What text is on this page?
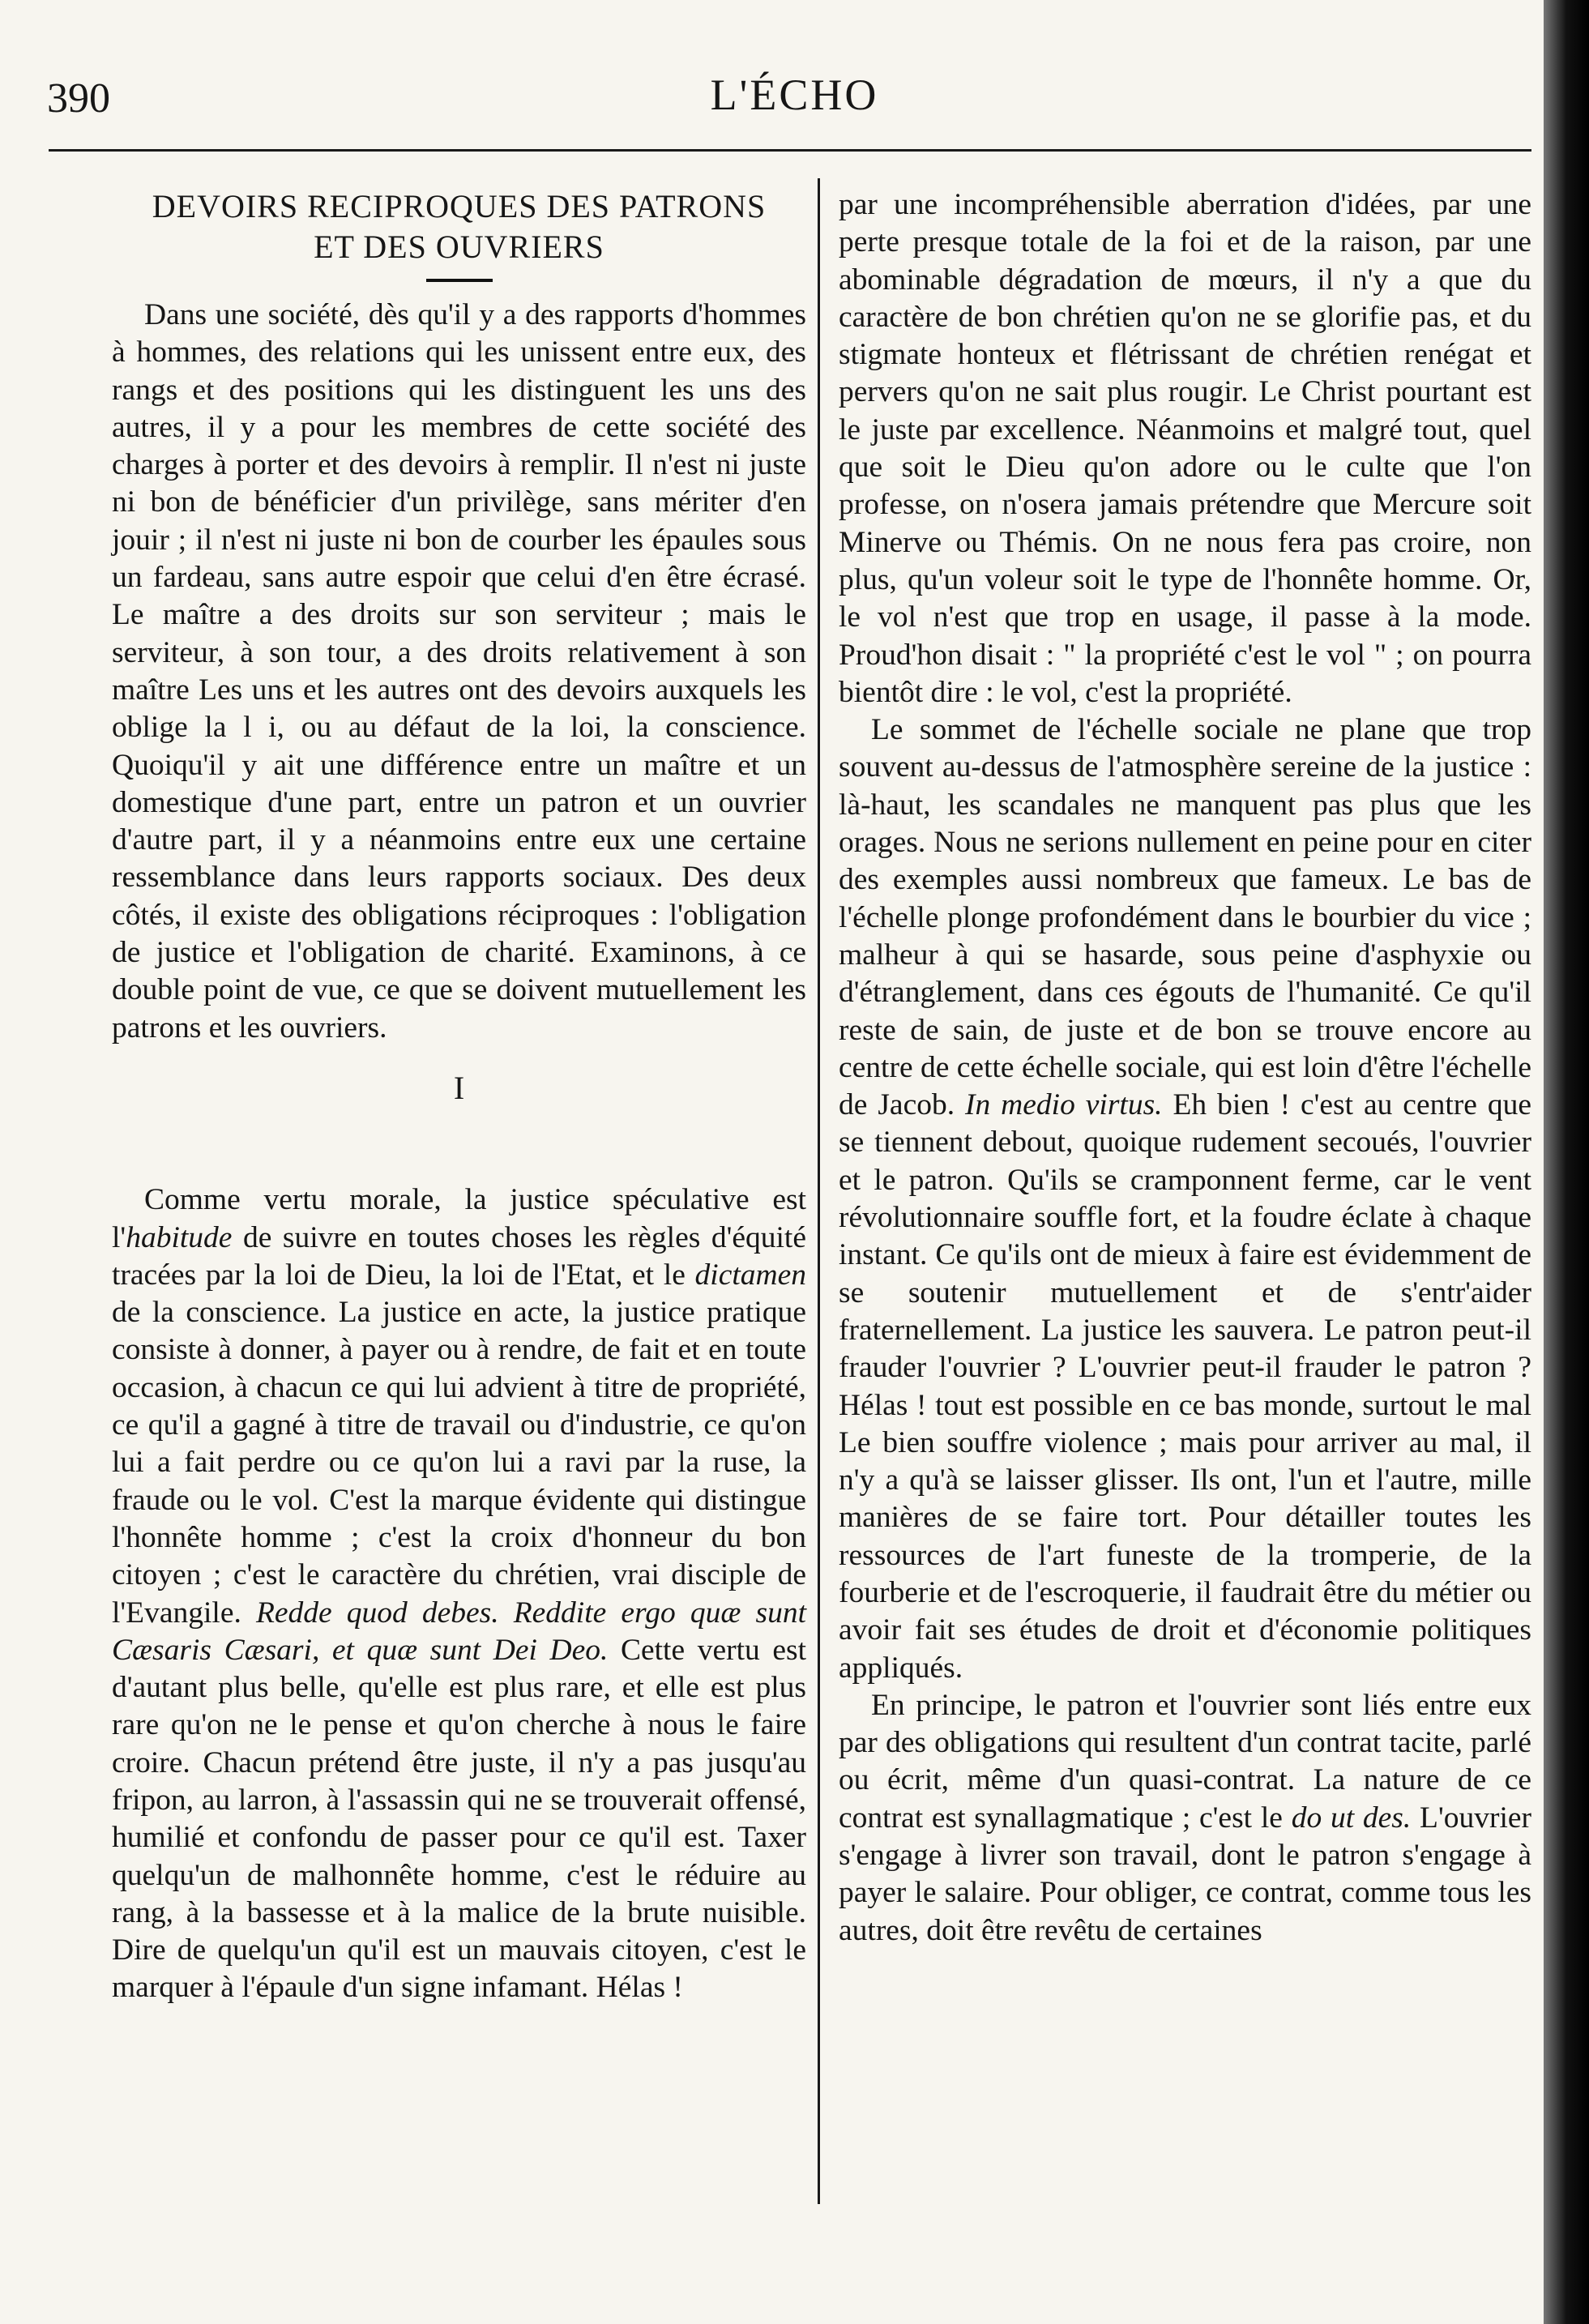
390	L'ÉCHO
DEVOIRS RECIPROQUES DES PATRONS
ET DES OUVRIERS

Dans une société, dès qu'il y a des rapports d'hommes à hommes, des relations qui les unissent entre eux, des rangs et des positions qui les distinguent les uns des autres, il y a pour les membres de cette société des charges à porter et des devoirs à remplir. Il n'est ni juste ni bon de bénéficier d'un privilège, sans mériter d'en jouir ; il n'est ni juste ni bon de courber les épaules sous un fardeau, sans autre espoir que celui d'en être écrasé. Le maître a des droits sur son serviteur ; mais le serviteur, à son tour, a des droits relativement à son maître Les uns et les autres ont des devoirs auxquels les oblige la l i, ou au défaut de la loi, la conscience. Quoiqu'il y ait une différence entre un maître et un domestique d'une part, entre un patron et un ouvrier d'autre part, il y a néanmoins entre eux une certaine ressemblance dans leurs rapports sociaux. Des deux côtés, il existe des obligations réciproques : l'obligation de justice et l'obligation de charité. Examinons, à ce double point de vue, ce que se doivent mutuellement les patrons et les ouvriers.

I

Comme vertu morale, la justice spéculative est l'habitude de suivre en toutes choses les règles d'équité tracées par la loi de Dieu, la loi de l'Etat, et le dictamen de la conscience. La justice en acte, la justice pratique consiste à donner, à payer ou à rendre, de fait et en toute occasion, à chacun ce qui lui advient à titre de propriété, ce qu'il a gagné à titre de travail ou d'industrie, ce qu'on lui a fait perdre ou ce qu'on lui a ravi par la ruse, la fraude ou le vol. C'est la marque évidente qui distingue l'honnête homme ; c'est la croix d'honneur du bon citoyen ; c'est le caractère du chrétien, vrai disciple de l'Evangile. Redde quod debes. Reddite ergo quæ sunt Cæsaris Cæsari, et quæ sunt Dei Deo. Cette vertu est d'autant plus belle, qu'elle est plus rare, et elle est plus rare qu'on ne le pense et qu'on cherche à nous le faire croire. Chacun prétend être juste, il n'y a pas jusqu'au fripon, au larron, à l'assassin qui ne se trouverait offensé, humilié et confondu de passer pour ce qu'il est. Taxer quelqu'un de malhonnête homme, c'est le réduire au rang, à la bassesse et à la malice de la brute nuisible. Dire de quelqu'un qu'il est un mauvais citoyen, c'est le marquer à l'épaule d'un signe infamant. Hélas !

par une incompréhensible aberration d'idées, par une perte presque totale de la foi et de la raison, par une abominable dégradation de mœurs, il n'y a que du caractère de bon chrétien qu'on ne se glorifie pas, et du stigmate honteux et flétrissant de chrétien renégat et pervers qu'on ne sait plus rougir. Le Christ pourtant est le juste par excellence. Néanmoins et malgré tout, quel que soit le Dieu qu'on adore ou le culte que l'on professe, on n'osera jamais prétendre que Mercure soit Minerve ou Thémis. On ne nous fera pas croire, non plus, qu'un voleur soit le type de l'honnête homme. Or, le vol n'est que trop en usage, il passe à la mode. Proud'hon disait : " la propriété c'est le vol " ; on pourra bientôt dire : le vol, c'est la propriété.

Le sommet de l'échelle sociale ne plane que trop souvent au-dessus de l'atmosphère sereine de la justice : là-haut, les scandales ne manquent pas plus que les orages. Nous ne serions nullement en peine pour en citer des exemples aussi nombreux que fameux. Le bas de l'échelle plonge profondément dans le bourbier du vice ; malheur à qui se hasarde, sous peine d'asphyxie ou d'étranglement, dans ces égouts de l'humanité. Ce qu'il reste de sain, de juste et de bon se trouve encore au centre de cette échelle sociale, qui est loin d'être l'échelle de Jacob. In medio virtus. Eh bien ! c'est au centre que se tiennent debout, quoique rudement secoués, l'ouvrier et le patron. Qu'ils se cramponnent ferme, car le vent révolutionnaire souffle fort, et la foudre éclate à chaque instant. Ce qu'ils ont de mieux à faire est évidemment de se soutenir mutuellement et de s'entr'aider fraternellement. La justice les sauvera. Le patron peut-il frauder l'ouvrier ? L'ouvrier peut-il frauder le patron ? Hélas ! tout est possible en ce bas monde, surtout le mal Le bien souffre violence ; mais pour arriver au mal, il n'y a qu'à se laisser glisser. Ils ont, l'un et l'autre, mille manières de se faire tort. Pour détailler toutes les ressources de l'art funeste de la tromperie, de la fourberie et de l'escroquerie, il faudrait être du métier ou avoir fait ses études de droit et d'économie politiques appliqués.

En principe, le patron et l'ouvrier sont liés entre eux par des obligations qui resultent d'un contrat tacite, parlé ou écrit, même d'un quasi-contrat. La nature de ce contrat est synallagmatique ; c'est le do ut des. L'ouvrier s'engage à livrer son travail, dont le patron s'engage à payer le salaire. Pour obliger, ce contrat, comme tous les autres, doit être revêtu de certaines
